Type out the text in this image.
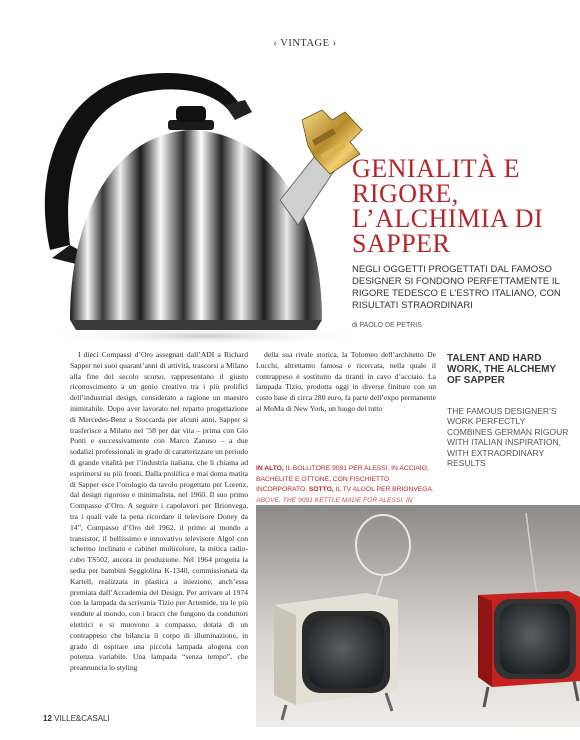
‹ VINTAGE ›
GENIALITÀ E RIGORE, L’ALCHIMIA DI SAPPER
NEGLI OGGETTI PROGETTATI DAL FAMOSO DESIGNER SI FONDONO PERFETTAMENTE IL RIGORE TEDESCO E L’ESTRO ITALIANO, CON RISULTATI STRAORDINARI
di PAOLO DE PETRIS
I dieci Compassi d’Oro assegnati dall’ADI a Richard Sapper nei suoi quarant’anni di attività, trascorsi a Milano alla fine del secolo scorso, rappresentano il giusto riconoscimento a un genio creativo tra i più prolifici dell’industrial design, considerato a ragione un maestro inimitabile. Dopo aver lavorato nel reparto progettazione di Mercedes-Benz a Stoccarda per alcuni anni, Sapper si trasferisce a Milano nel ’58 per dar vita – prima con Gio Ponti e successivamente con Marco Zanuso – a due sodalizi professionali in grado di caratterizzare un periodo di grande vitalità per l’industria italiana, che li chiama ad esprimersi su più fronti. Dalla prolifica e mai doma matita di Sapper esce l’orologio da tavolo progettato per Lorenz, dal design rigoroso e minimalista, nel 1960. Il suo primo Compasso d’Oro. A seguire i capolavori per Brionvega, tra i quali vale la pena ricordare il televisore Doney da 14”, Compasso d’Oro del 1962, il primo al mondo a transistor, il bellissimo e innovativo televisore Algol con schermo inclinato e cabinet multicolore, la mitica radio-cubo TS502, ancora in produzione. Nel 1964 progetta la sedia per bambini Seggiolina K-1340, commissionata da Kartell, realizzata in plastica a iniezione, anch’essa premiata dall’Accademia del Design. Per arrivare al 1974 con la lampada da scrivania Tizio per Artemide, tra le più vendute al mondo, con i bracci che fungono da conduttori elettrici e si muovono a compasso, dotata di un contrappeso che bilancia il corpo di illuminazione, in grado di ospitare una piccola lampada alogena con potenza variabile. Una lampada “senza tempo”, che preannuncia lo styling
della sua rivale storica, la Tolomeo dell’architetto De Lucchi, altrettanto famosa e ricercata, nella quale il contrappeso è sostituito da tiranti in cavo d’acciaio. La lampada Tizio, prodotta oggi in diverse finiture con un costo base di circa 280 euro, fa parte dell’expo permanente al MoMa di New York, un luogo del tutto
IN ALTO, IL BOLLITORE 9091 PER ALESSI, IN ACCIAIO, BACHELITE E OTTONE, CON FISCHIETTO INCORPORATO. SOTTO, IL TV ALGOL PER BRIONVEGA. ABOVE, THE 9091 KETTLE MADE FOR ALESSI, IN
TALENT AND HARD WORK, THE ALCHEMY OF SAPPER
THE FAMOUS DESIGNER’S WORK PERFECTLY COMBINES GERMAN RIGOUR WITH ITALIAN INSPIRATION, WITH EXTRAORDINARY RESULTS
12 VILLE&CASALI
